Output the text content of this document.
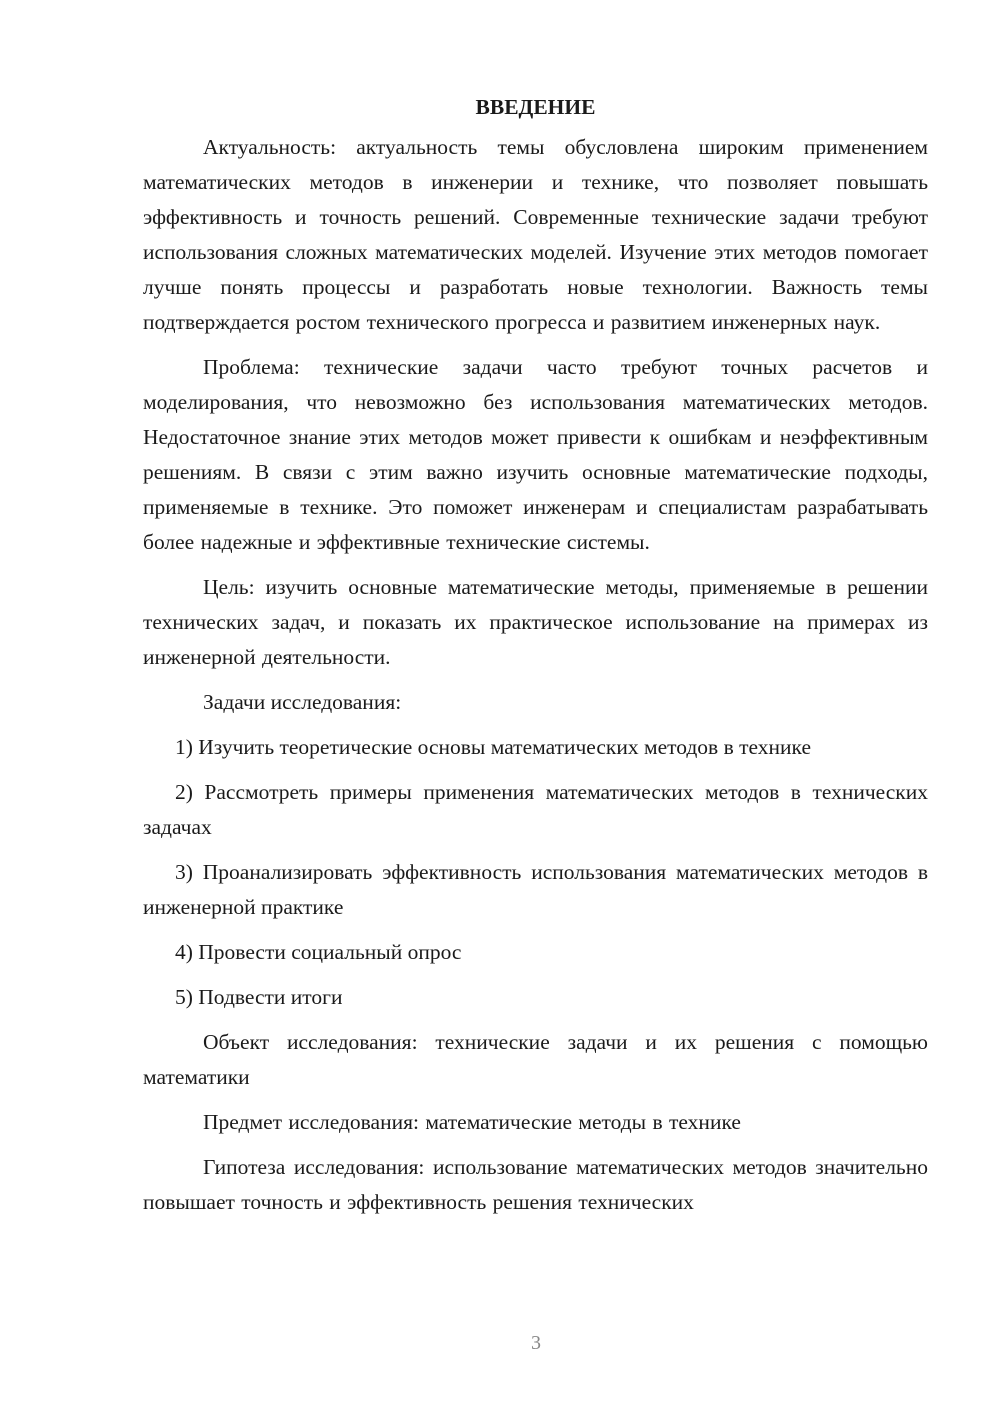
ВВЕДЕНИЕ

Актуальность: актуальность темы обусловлена широким применением математических методов в инженерии и технике, что позволяет повышать эффективность и точность решений. Современные технические задачи требуют использования сложных математических моделей. Изучение этих методов помогает лучше понять процессы и разработать новые технологии. Важность темы подтверждается ростом технического прогресса и развитием инженерных наук.

Проблема: технические задачи часто требуют точных расчетов и моделирования, что невозможно без использования математических методов. Недостаточное знание этих методов может привести к ошибкам и неэффективным решениям. В связи с этим важно изучить основные математические подходы, применяемые в технике. Это поможет инженерам и специалистам разрабатывать более надежные и эффективные технические системы.

Цель: изучить основные математические методы, применяемые в решении технических задач, и показать их практическое использование на примерах из инженерной деятельности.

Задачи исследования:

1) Изучить теоретические основы математических методов в технике

2) Рассмотреть примеры применения математических методов в технических задачах

3) Проанализировать эффективность использования математических методов в инженерной практике

4) Провести социальный опрос

5) Подвести итоги

Объект исследования: технические задачи и их решения с помощью математики

Предмет исследования: математические методы в технике

Гипотеза исследования: использование математических методов значительно повышает точность и эффективность решения технических

3
